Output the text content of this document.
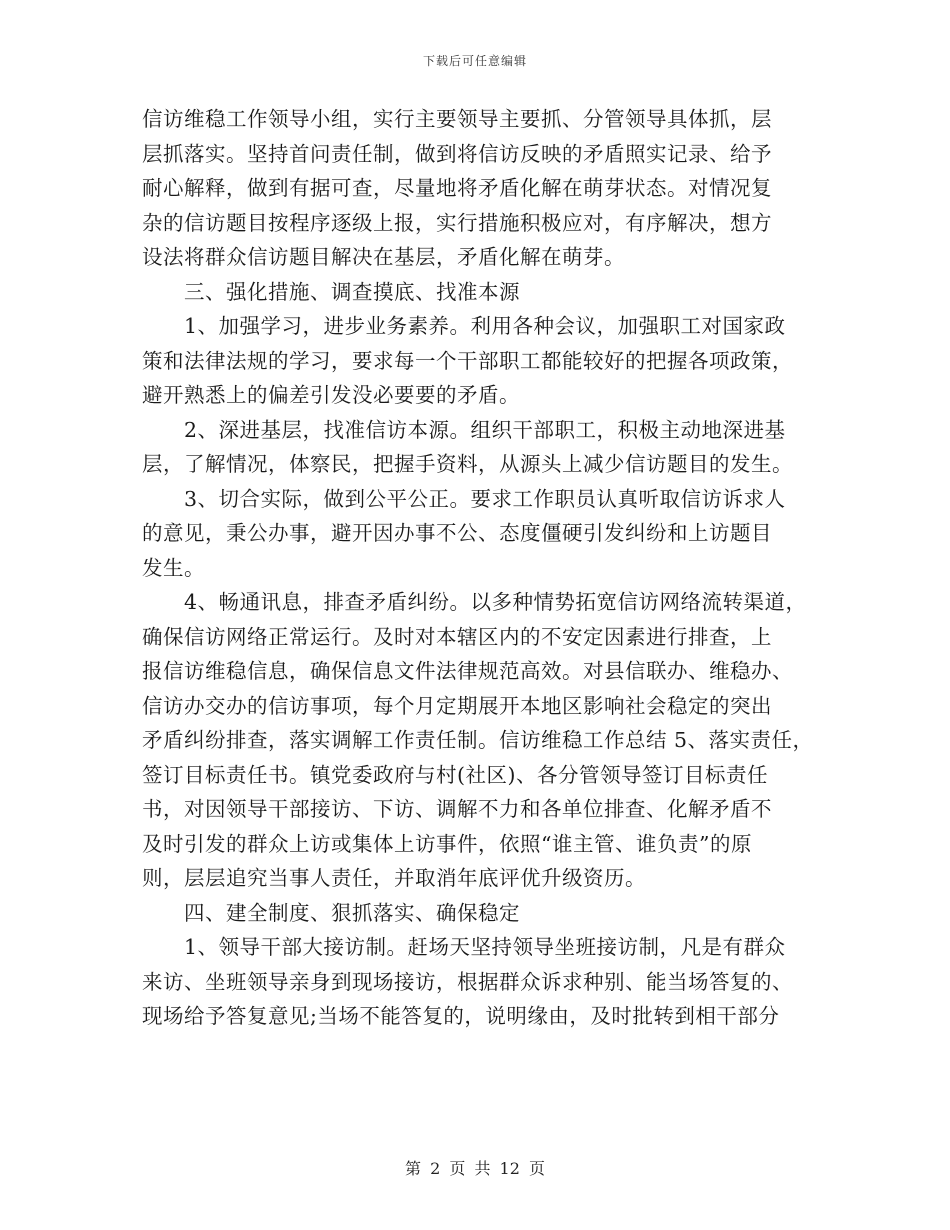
下载后可任意编辑

信访维稳工作领导小组，实行主要领导主要抓、分管领导具体抓，层
层抓落实。坚持首问责任制，做到将信访反映的矛盾照实记录、给予
耐心解释，做到有据可查，尽量地将矛盾化解在萌芽状态。对情况复
杂的信访题目按程序逐级上报，实行措施积极应对，有序解决，想方
设法将群众信访题目解决在基层，矛盾化解在萌芽。
三、强化措施、调查摸底、找准本源
1、加强学习，进步业务素养。利用各种会议，加强职工对国家政
策和法律法规的学习，要求每一个干部职工都能较好的把握各项政策，
避开熟悉上的偏差引发没必要要的矛盾。
2、深进基层，找准信访本源。组织干部职工，积极主动地深进基
层，了解情况，体察民，把握手资料，从源头上减少信访题目的发生。
3、切合实际，做到公平公正。要求工作职员认真听取信访诉求人
的意见，秉公办事，避开因办事不公、态度僵硬引发纠纷和上访题目
发生。
4、畅通讯息，排查矛盾纠纷。以多种情势拓宽信访网络流转渠道，
确保信访网络正常运行。及时对本辖区内的不安定因素进行排查，上
报信访维稳信息，确保信息文件法律规范高效。对县信联办、维稳办、
信访办交办的信访事项，每个月定期展开本地区影响社会稳定的突出
矛盾纠纷排查，落实调解工作责任制。信访维稳工作总结 5、落实责任，
签订目标责任书。镇党委政府与村(社区)、各分管领导签订目标责任
书，对因领导干部接访、下访、调解不力和各单位排查、化解矛盾不
及时引发的群众上访或集体上访事件，依照“谁主管、谁负责”的原
则，层层追究当事人责任，并取消年底评优升级资历。
四、建全制度、狠抓落实、确保稳定
1、领导干部大接访制。赶场天坚持领导坐班接访制，凡是有群众
来访、坐班领导亲身到现场接访，根据群众诉求种别、能当场答复的、
现场给予答复意见;当场不能答复的，说明缘由，及时批转到相干部分

第 2 页 共 12 页
